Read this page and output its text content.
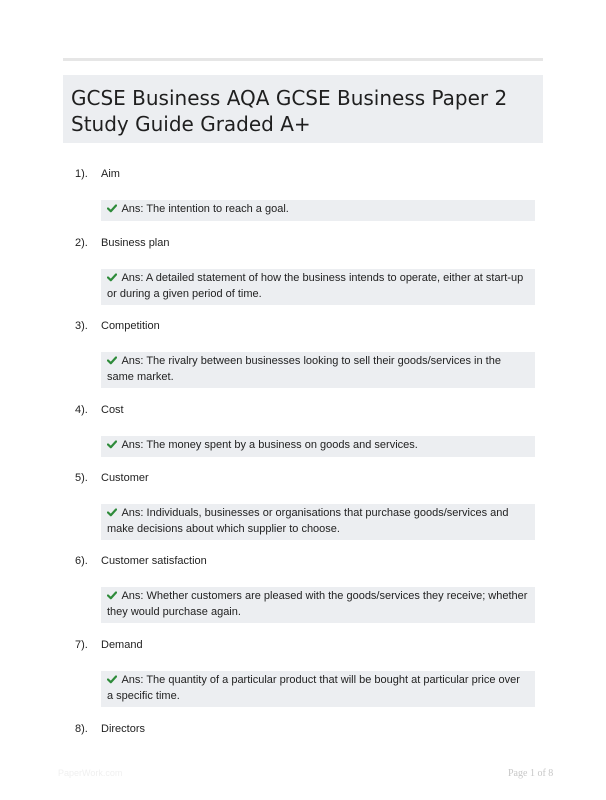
GCSE Business AQA GCSE Business Paper 2 Study Guide Graded A+
1). Aim
Ans: The intention to reach a goal.
2). Business plan
Ans: A detailed statement of how the business intends to operate, either at start-up or during a given period of time.
3). Competition
Ans: The rivalry between businesses looking to sell their goods/services in the same market.
4). Cost
Ans: The money spent by a business on goods and services.
5). Customer
Ans: Individuals, businesses or organisations that purchase goods/services and make decisions about which supplier to choose.
6). Customer satisfaction
Ans: Whether customers are pleased with the goods/services they receive; whether they would purchase again.
7). Demand
Ans: The quantity of a particular product that will be bought at particular price over a specific time.
8). Directors
PaperWork.com	Page 1 of 8
